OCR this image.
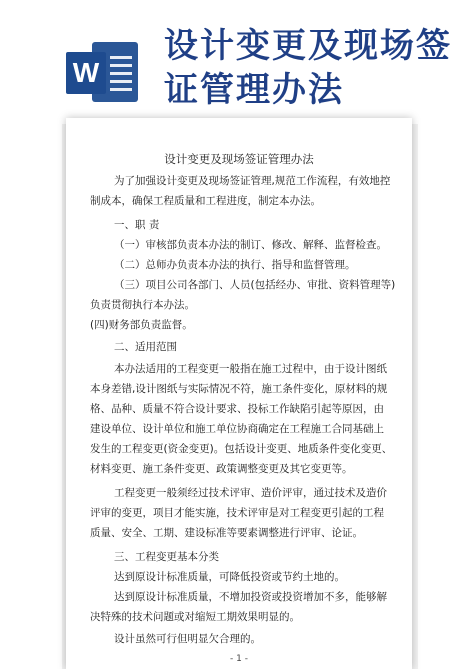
W
设计变更及现场签
证管理办法
设计变更及现场签证管理办法
为了加强设计变更及现场签证管理,规范工作流程，有效地控
制成本，确保工程质量和工程进度，制定本办法。
一、职 责
（一）审核部负责本办法的制订、修改、解释、监督检查。
（二）总师办负责本办法的执行、指导和监督管理。
（三）项目公司各部门、人员(包括经办、审批、资料管理等)
负责贯彻执行本办法。
(四)财务部负责监督。
二、适用范围
本办法适用的工程变更一般指在施工过程中，由于设计图纸
本身差错,设计图纸与实际情况不符，施工条件变化，原材料的规
格、品种、质量不符合设计要求、投标工作缺陷引起等原因，由
建设单位、设计单位和施工单位协商确定在工程施工合同基础上
发生的工程变更(资金变更)。包括设计变更、地质条件变化变更、
材料变更、施工条件变更、政策调整变更及其它变更等。
工程变更一般须经过技术评审、造价评审，通过技术及造价
评审的变更，项目才能实施，技术评审是对工程变更引起的工程
质量、安全、工期、建设标准等要素调整进行评审、论证。
三、工程变更基本分类
达到原设计标准质量，可降低投资或节约土地的。
达到原设计标准质量，不增加投资或投资增加不多，能够解
决特殊的技术问题或对缩短工期效果明显的。
设计虽然可行但明显欠合理的。
- 1 -
